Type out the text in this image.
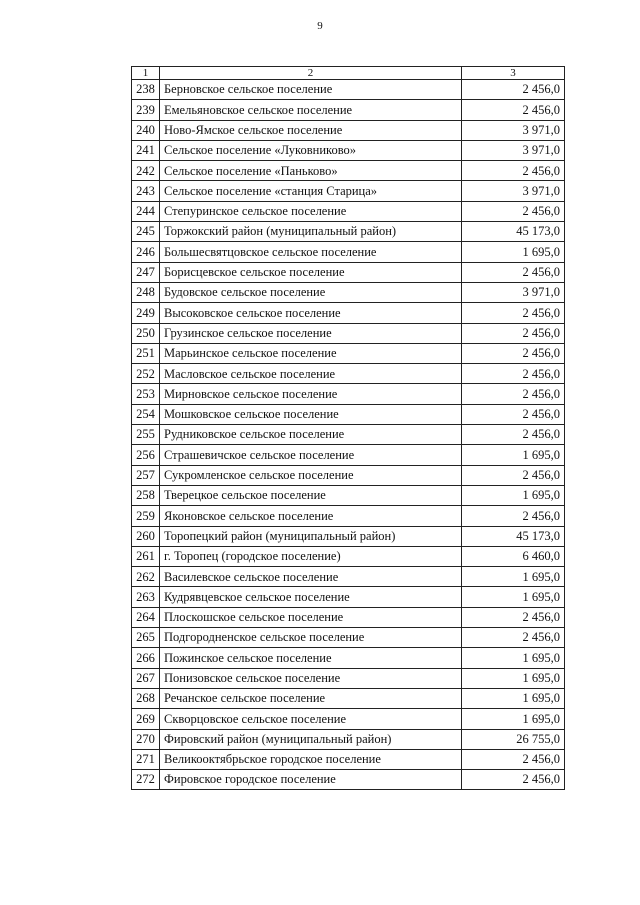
9
1	2	3
238	Берновское сельское поселение	2 456,0
239	Емельяновское сельское поселение	2 456,0
240	Ново-Ямское сельское поселение	3 971,0
241	Сельское поселение «Луковниково»	3 971,0
242	Сельское поселение «Паньково»	2 456,0
243	Сельское поселение «станция Старица»	3 971,0
244	Степуринское сельское поселение	2 456,0
245	Торжокский район (муниципальный район)	45 173,0
246	Большесвятцовское сельское поселение	1 695,0
247	Борисцевское сельское поселение	2 456,0
248	Будовское сельское поселение	3 971,0
249	Высоковское сельское поселение	2 456,0
250	Грузинское сельское поселение	2 456,0
251	Марьинское сельское поселение	2 456,0
252	Масловское сельское поселение	2 456,0
253	Мирновское сельское поселение	2 456,0
254	Мошковское сельское поселение	2 456,0
255	Рудниковское сельское поселение	2 456,0
256	Страшевичское сельское поселение	1 695,0
257	Сукромленское сельское поселение	2 456,0
258	Тверецкое сельское поселение	1 695,0
259	Яконовское сельское поселение	2 456,0
260	Торопецкий район (муниципальный район)	45 173,0
261	г. Торопец (городское поселение)	6 460,0
262	Василевское сельское поселение	1 695,0
263	Кудрявцевское сельское поселение	1 695,0
264	Плоскошское сельское поселение	2 456,0
265	Подгородненское сельское поселение	2 456,0
266	Пожинское сельское поселение	1 695,0
267	Понизовское сельское поселение	1 695,0
268	Речанское сельское поселение	1 695,0
269	Скворцовское сельское поселение	1 695,0
270	Фировский район (муниципальный район)	26 755,0
271	Великооктябрьское городское поселение	2 456,0
272	Фировское городское поселение	2 456,0
